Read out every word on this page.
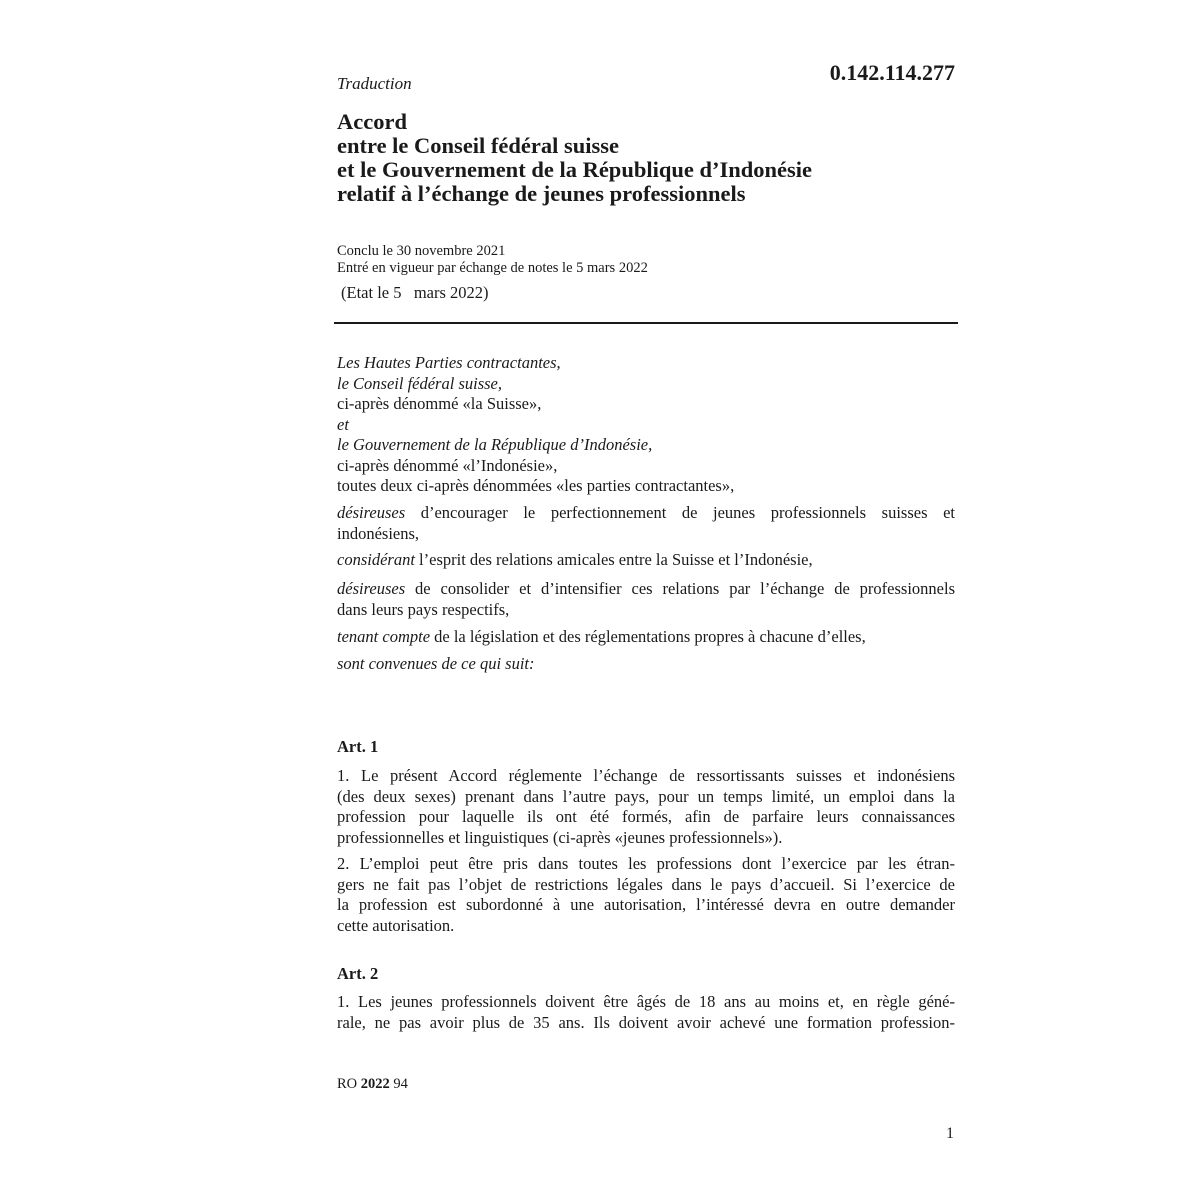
Traduction	0.142.114.277
Accord
entre le Conseil fédéral suisse
et le Gouvernement de la République d’Indonésie
relatif à l’échange de jeunes professionnels
Conclu le 30 novembre 2021
Entré en vigueur par échange de notes le 5 mars 2022
(Etat le 5   mars 2022)
Les Hautes Parties contractantes,
le Conseil fédéral suisse,
ci-après dénommé «la Suisse»,
et
le Gouvernement de la République d’Indonésie,
ci-après dénommé «l’Indonésie»,
toutes deux ci-après dénommées «les parties contractantes»,
désireuses d’encourager le perfectionnement de jeunes professionnels suisses et
indonésiens,
considérant l’esprit des relations amicales entre la Suisse et l’Indonésie,
désireuses de consolider et d’intensifier ces relations par l’échange de professionnels
dans leurs pays respectifs,
tenant compte de la législation et des réglementations propres à chacune d’elles,
sont convenues de ce qui suit:
Art. 1
1. Le présent Accord réglemente l’échange de ressortissants suisses et indonésiens
(des deux sexes) prenant dans l’autre pays, pour un temps limité, un emploi dans la
profession pour laquelle ils ont été formés, afin de parfaire leurs connaissances
professionnelles et linguistiques (ci-après «jeunes professionnels»).
2. L’emploi peut être pris dans toutes les professions dont l’exercice par les étran-
gers ne fait pas l’objet de restrictions légales dans le pays d’accueil. Si l’exercice de
la profession est subordonné à une autorisation, l’intéressé devra en outre demander
cette autorisation.
Art. 2
1. Les jeunes professionnels doivent être âgés de 18 ans au moins et, en règle géné-
rale, ne pas avoir plus de 35 ans. Ils doivent avoir achevé une formation profession-
RO 2022 94
1
